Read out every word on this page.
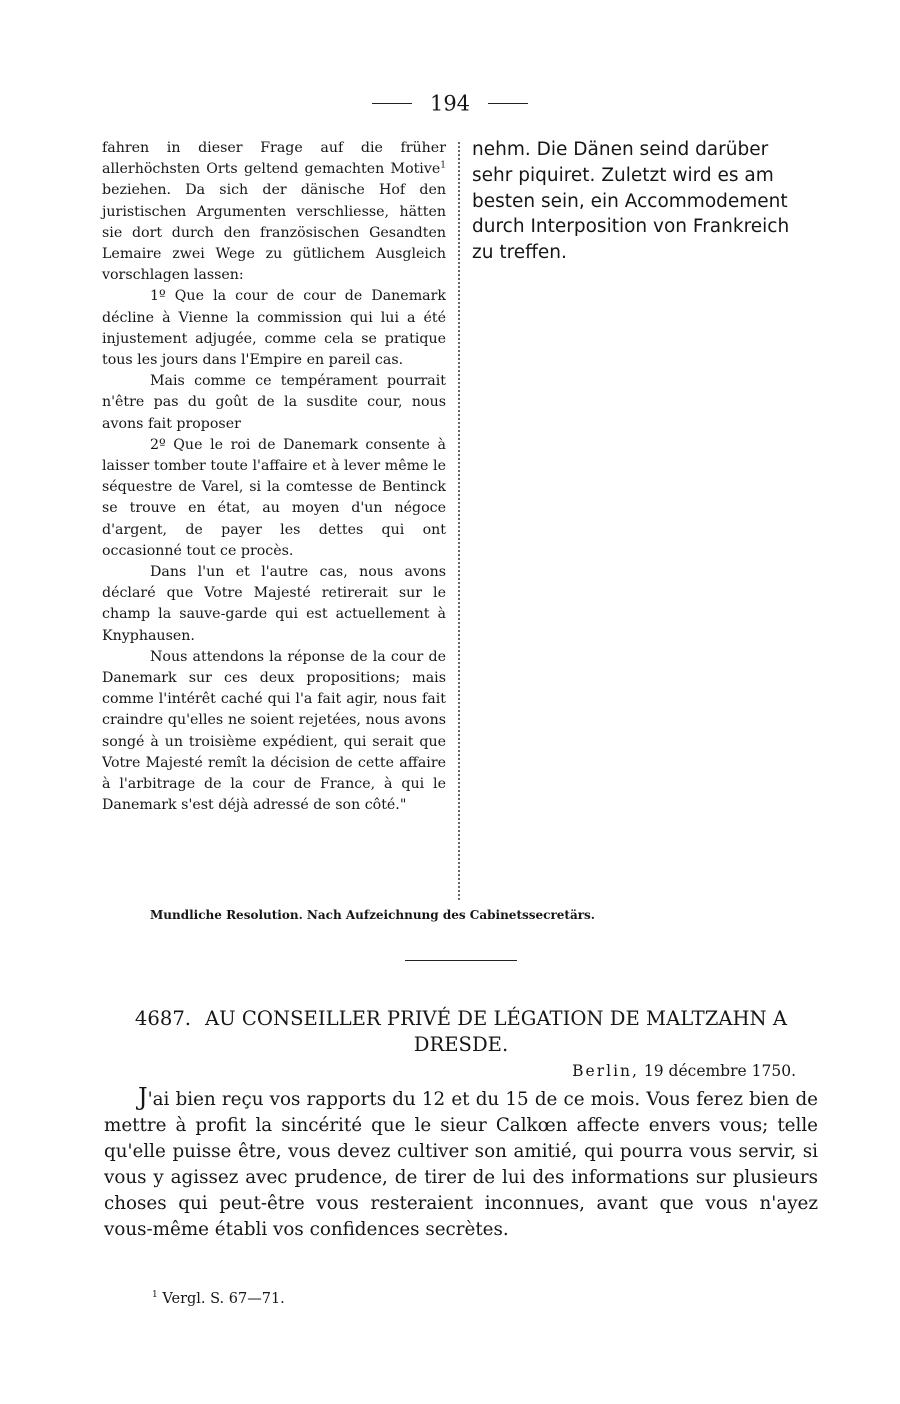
194

fahren in dieser Frage auf die früher allerhöchsten Orts geltend gemachten Motive$^1$ beziehen. Da sich der dänische Hof den juristischen Argumenten verschliesse, hätten sie dort durch den französischen Gesandten Lemaire zwei Wege zu gütlichem Ausgleich vorschlagen lassen:

1º Que la cour de cour de Danemark décline à Vienne la commission qui lui a été injustement adjugée, comme cela se pratique tous les jours dans l'Empire en pareil cas.

Mais comme ce tempérament pourrait n'être pas du goût de la susdite cour, nous avons fait proposer

2º Que le roi de Danemark consente à laisser tomber toute l'affaire et à lever même le séquestre de Varel, si la comtesse de Bentinck se trouve en état, au moyen d'un négoce d'argent, de payer les dettes qui ont occasionné tout ce procès.

Dans l'un et l'autre cas, nous avons déclaré que Votre Majesté retirerait sur le champ la sauve-garde qui est actuellement à Knyphausen.

Nous attendons la réponse de la cour de Danemark sur ces deux propositions; mais comme l'intérêt caché qui l'a fait agir, nous fait craindre qu'elles ne soient rejetées, nous avons songé à un troisième expédient, qui serait que Votre Majesté remît la décision de cette affaire à l'arbitrage de la cour de France, à qui le Danemark s'est déjà adressé de son côté."

nehm. Die Dänen seind darüber sehr piquiret. Zuletzt wird es am besten sein, ein Accommodement durch Interposition von Frankreich zu treffen.

Mundliche Resolution. Nach Aufzeichnung des Cabinetssecretärs.
4687. AU CONSEILLER PRIVÉ DE LÉGATION DE MALTZAHN A DRESDE.
Berlin, 19 décembre 1750.

J'ai bien reçu vos rapports du 12 et du 15 de ce mois. Vous ferez bien de mettre à profit la sincérité que le sieur Calkœn affecte envers vous; telle qu'elle puisse être, vous devez cultiver son amitié, qui pourra vous servir, si vous y agissez avec prudence, de tirer de lui des informations sur plusieurs choses qui peut-être vous resteraient inconnues, avant que vous n'ayez vous-même établi vos confidences secrètes.

$^1$ Vergl. S. 67—71.
